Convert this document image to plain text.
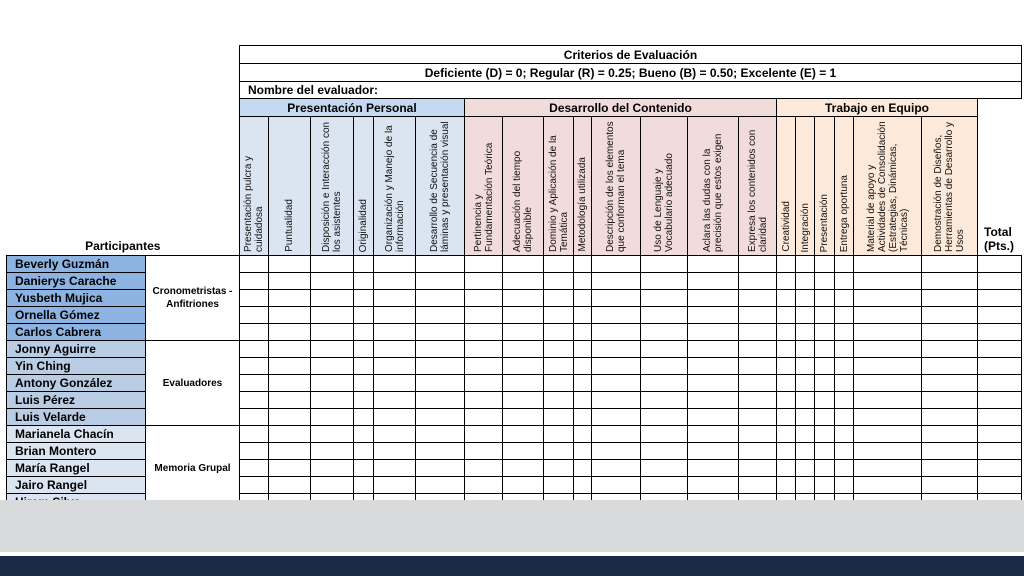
		Criterios de Evaluación																				
		Deficiente (D) = 0; Regular (R) = 0.25; Bueno (B) = 0.50; Excelente (E) = 1																				
		Nombre del evaluador:																				
		Presentación Personal						Desarrollo del Contenido								Trabajo en Equipo						
Participantes		Presentación pulcra y cuidadosa	Puntualidad	Disposición e Interacción con los asistentes	Originalidad	Organización y Manejo de la información	Desarrollo de Secuencia de láminas y presentación visual	Pertinencia y Fundamentación Teórica	Adecuación del tiempo disponible	Dominio y Aplicación de la Temática	Metodología utilizada	Descripción de los elementos que conforman el tema	Uso de Lenguaje y Vocabulario adecuado	Aclara las dudas con la precisión que estos exigen	Expresa los contenidos con claridad	Creatividad	Integración	Presentación	Entrega oportuna	Material de apoyo y Actividades de Consolidación (Estrategias, Dinámicas, Técnicas)	Demostración de Diseños, Herramientas de Desarrollo y Usos	Total (Pts.)
Beverly Guzmán	Cronometristas - Anfitriones																					
Danierys Carache																						
Yusbeth Mujica																						
Ornella Gómez																						
Carlos Cabrera																						
Jonny Aguirre	Evaluadores																					
Yin Ching																						
Antony González																						
Luis Pérez																						
Luis Velarde																						
Marianela Chacín	Memoria Grupal																					
Brian Montero																						
María Rangel																						
Jairo Rangel																						
